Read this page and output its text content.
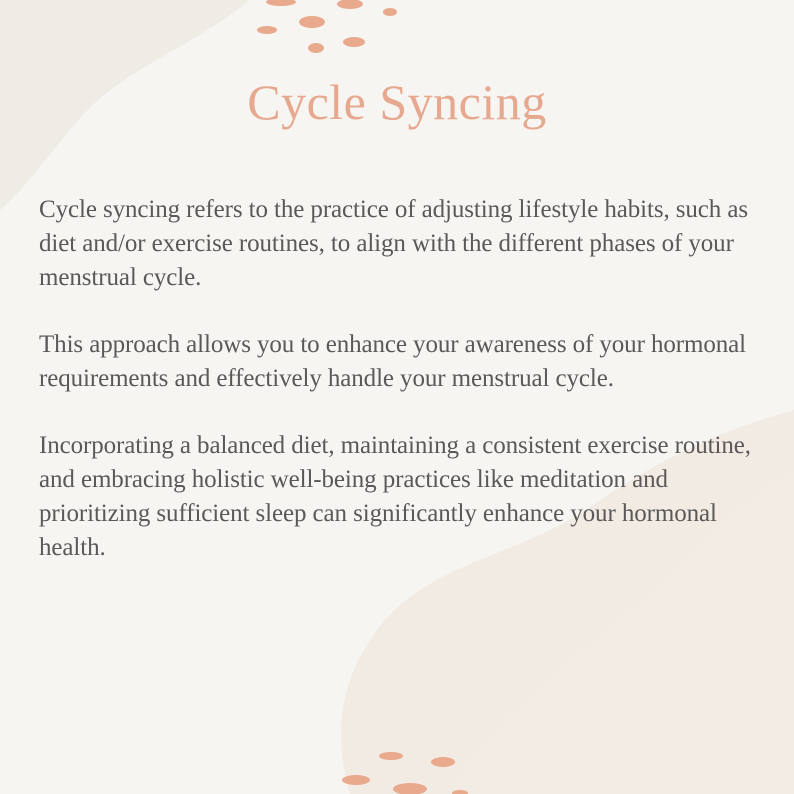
Cycle Syncing

Cycle syncing refers to the practice of adjusting lifestyle habits, such as diet and/or exercise routines, to align with the different phases of your menstrual cycle.

This approach allows you to enhance your awareness of your hormonal requirements and effectively handle your menstrual cycle.

Incorporating a balanced diet, maintaining a consistent exercise routine, and embracing holistic well-being practices like meditation and prioritizing sufficient sleep can significantly enhance your hormonal health.
